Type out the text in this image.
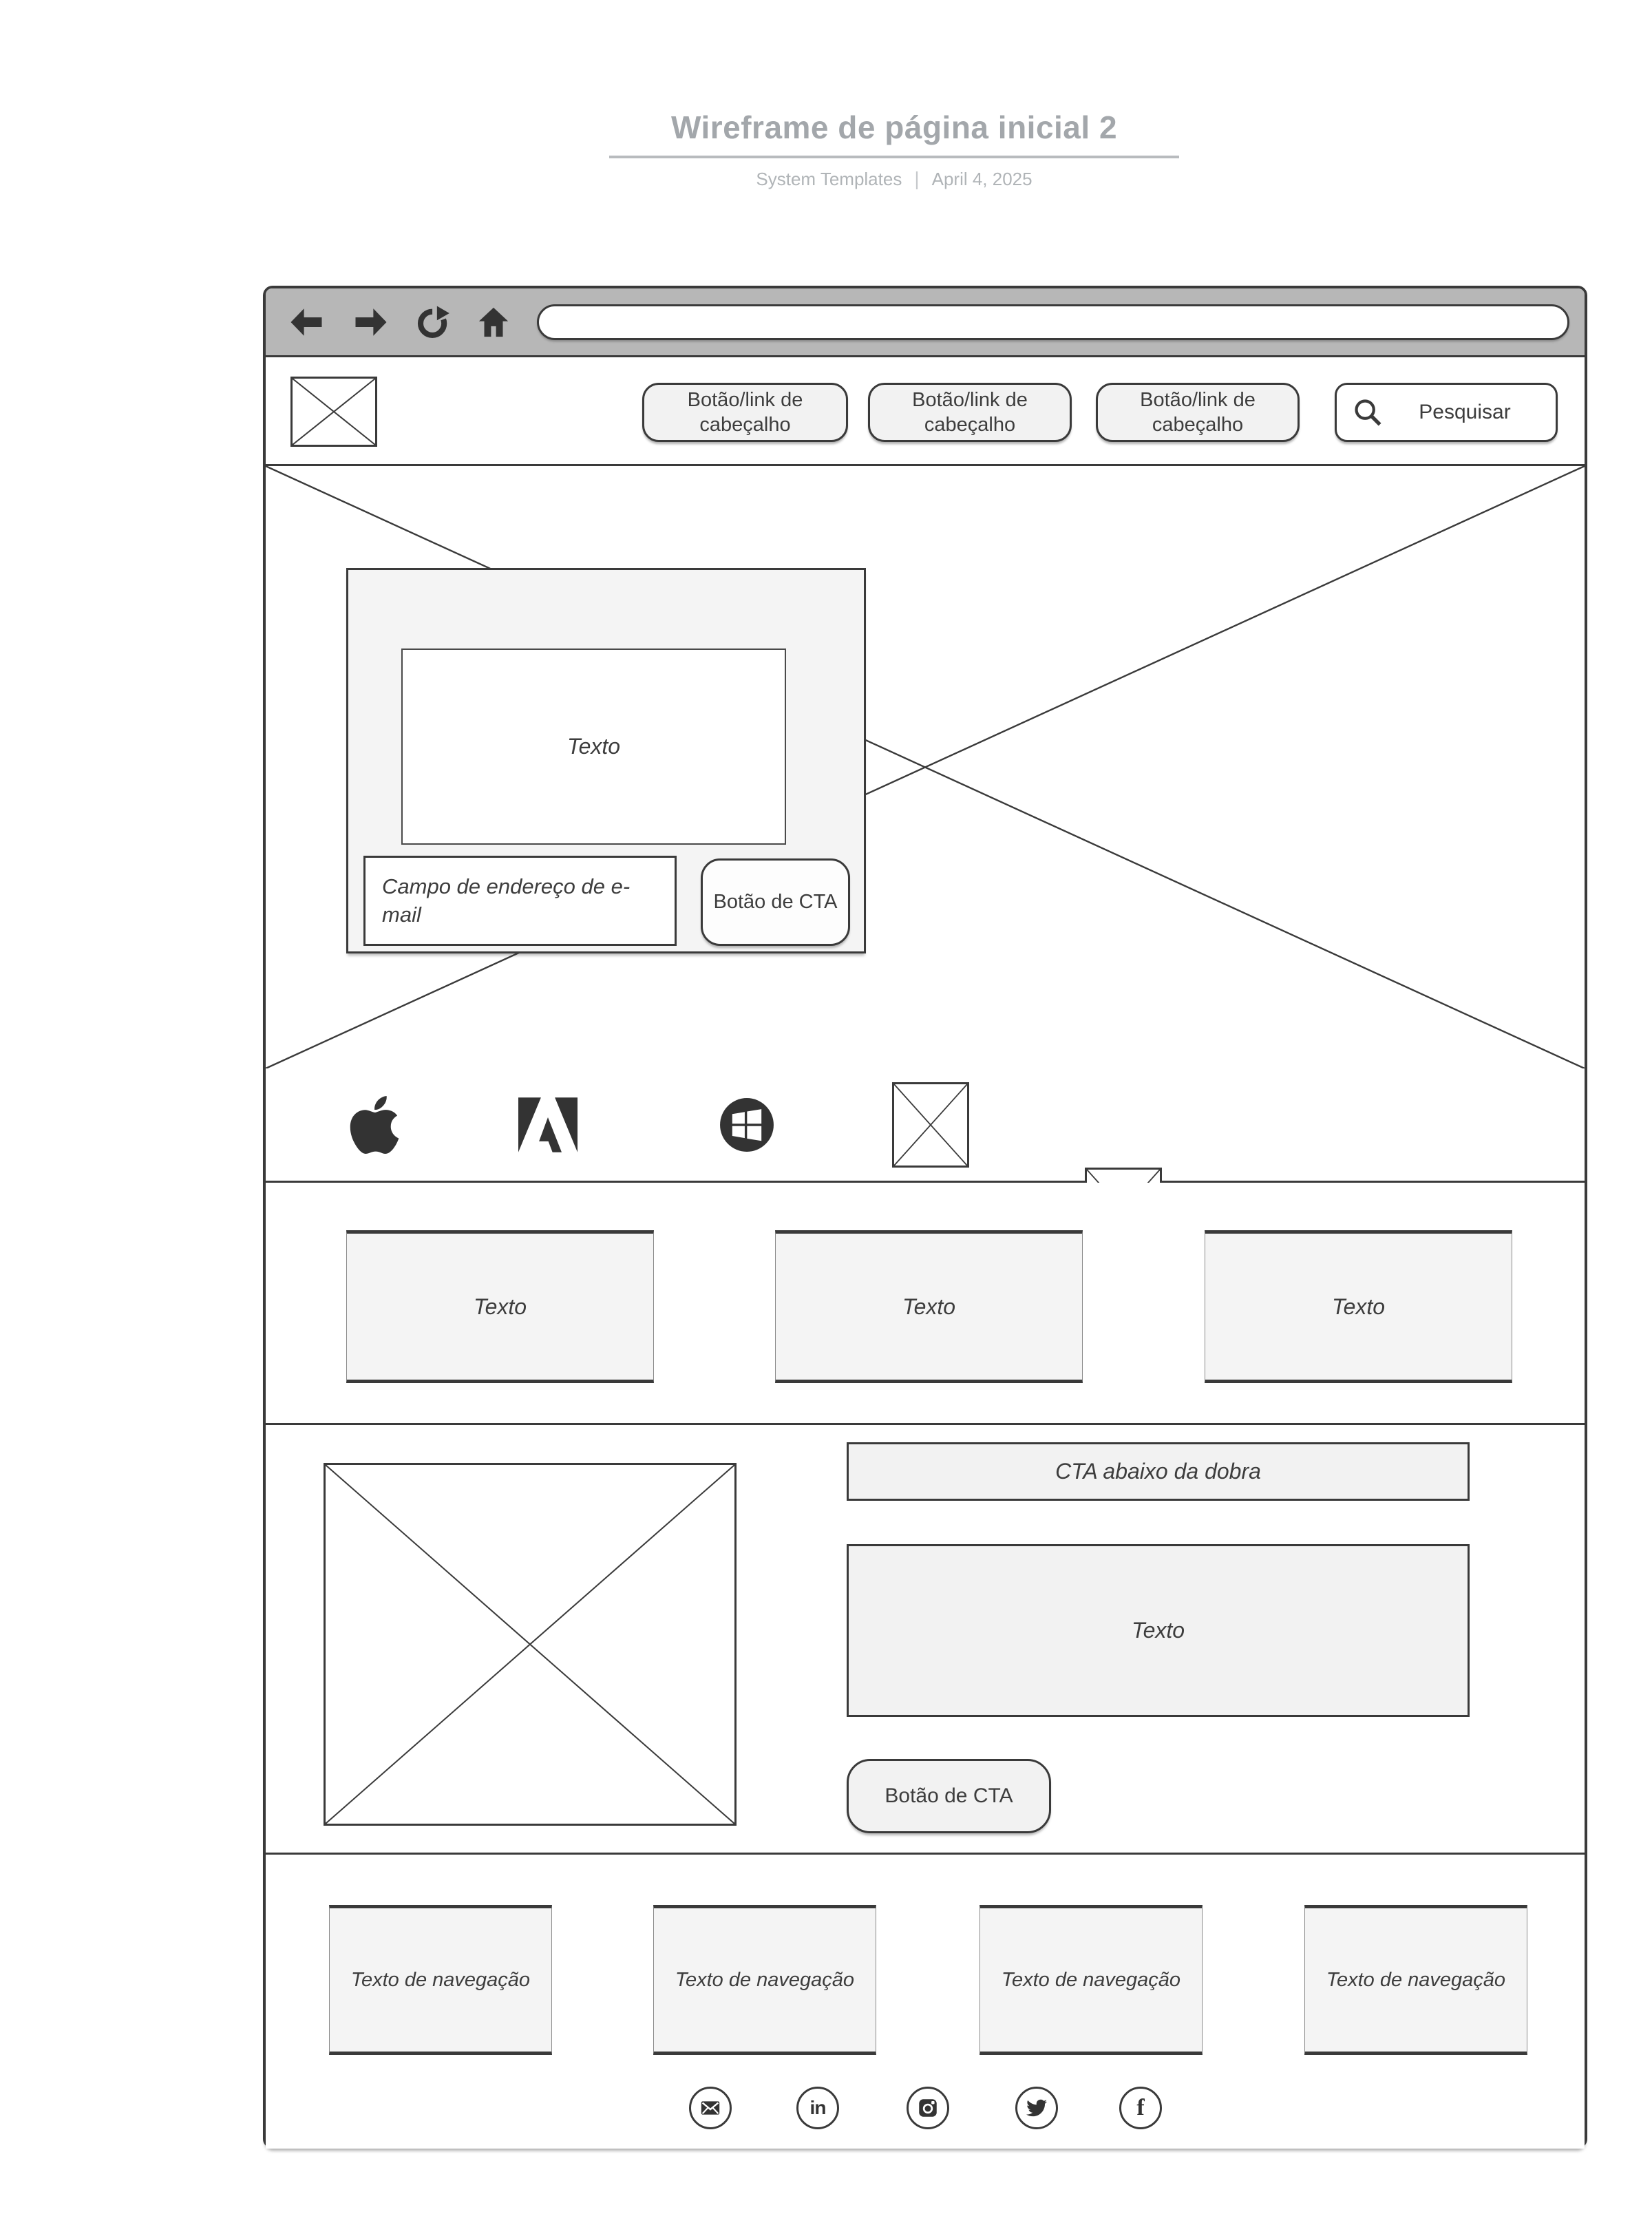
Wireframe de página inicial 2
System Templates | April 4, 2025
Botão/link de cabeçalho
Botão/link de cabeçalho
Botão/link de cabeçalho
Pesquisar
Texto
Campo de endereço de e-mail
Botão de CTA
Texto	Texto	Texto
CTA abaixo da dobra
Texto
Botão de CTA
Texto de navegação	Texto de navegação	Texto de navegação	Texto de navegação
in	f
